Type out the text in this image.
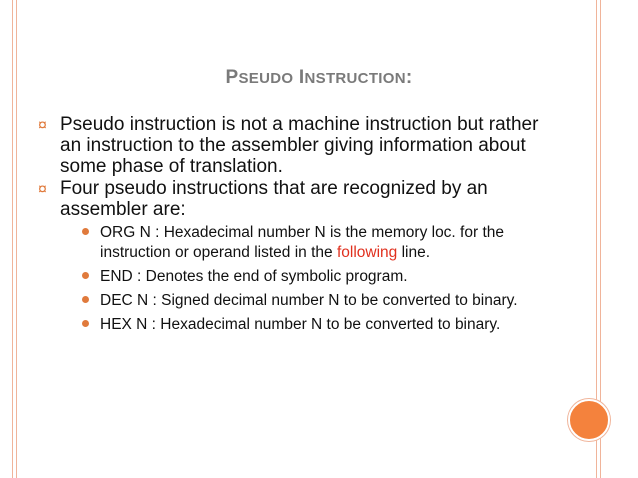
PSEUDO INSTRUCTION:
¤ Pseudo instruction is not a machine instruction but rather an instruction to the assembler giving information about some phase of translation.
¤ Four pseudo instructions that are recognized by an assembler are:
ORG N : Hexadecimal number N is the memory loc. for the instruction or operand listed in the following line.
END : Denotes the end of symbolic program.
DEC N : Signed decimal number N to be converted to binary.
HEX N : Hexadecimal number N to be converted to binary.
